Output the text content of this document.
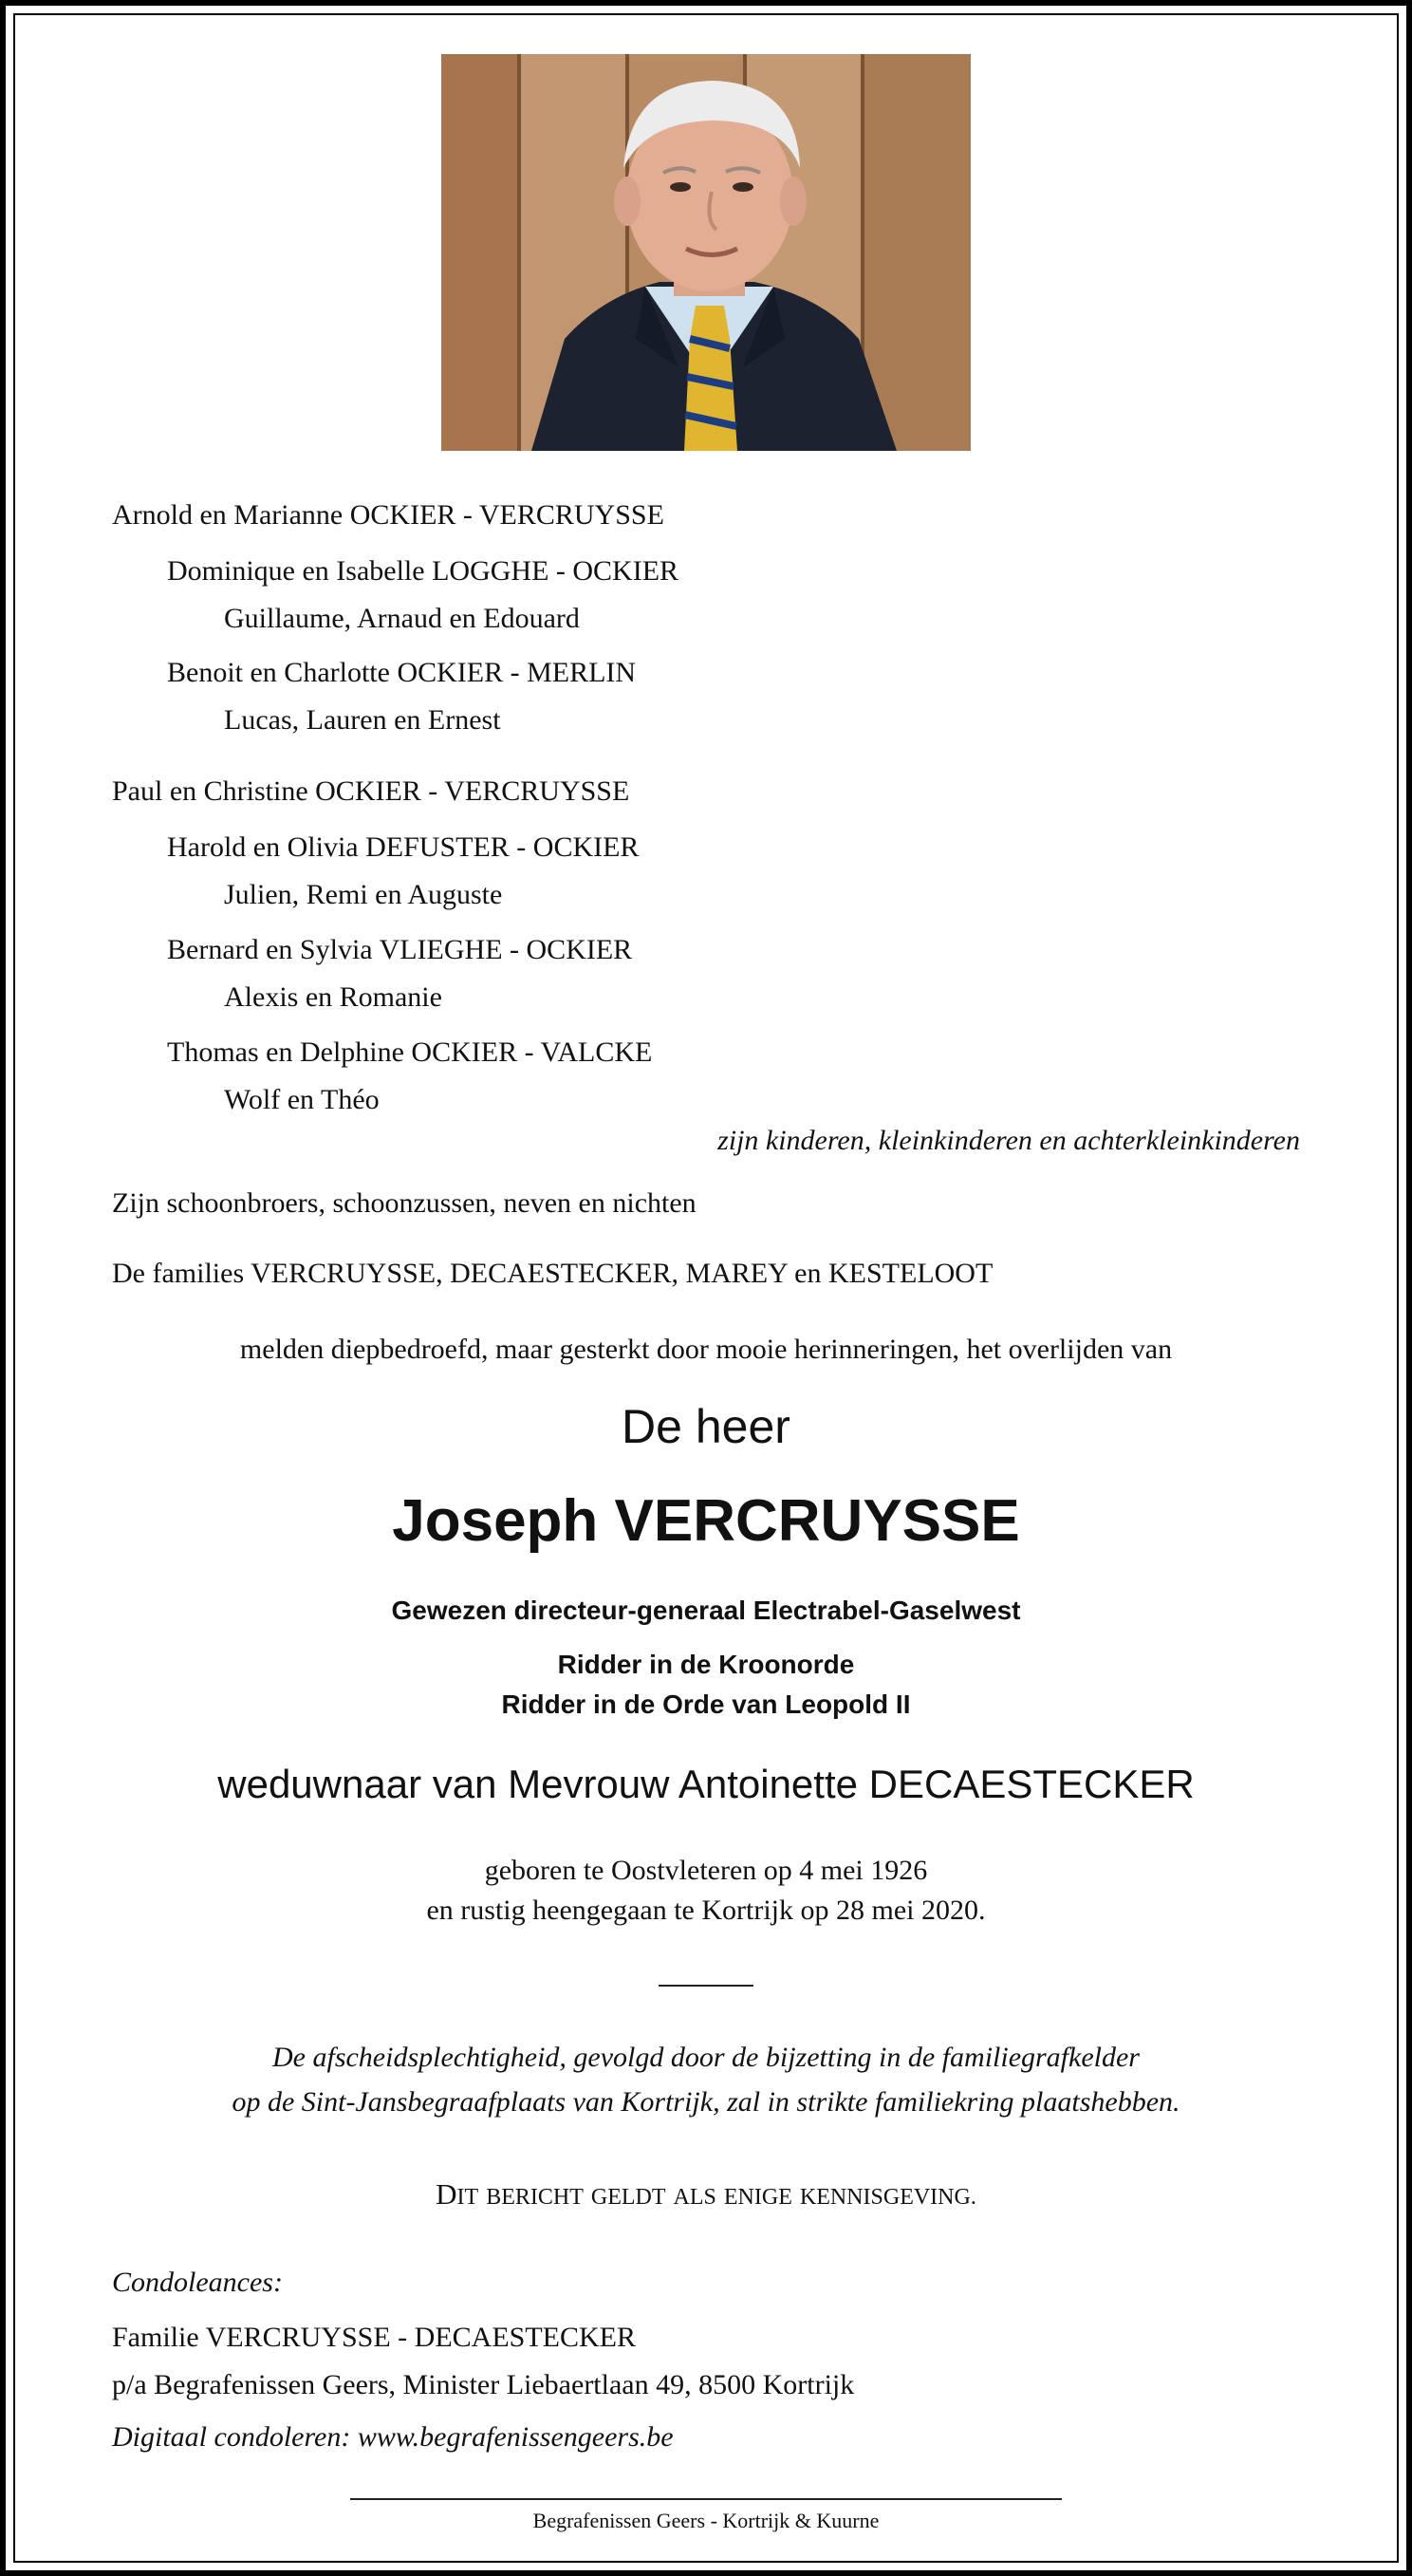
Arnold en Marianne OCKIER - VERCRUYSSE
Dominique en Isabelle LOGGHE - OCKIER
Guillaume, Arnaud en Edouard
Benoit en Charlotte OCKIER - MERLIN
Lucas, Lauren en Ernest
Paul en Christine OCKIER - VERCRUYSSE
Harold en Olivia DEFUSTER - OCKIER
Julien, Remi en Auguste
Bernard en Sylvia VLIEGHE - OCKIER
Alexis en Romanie
Thomas en Delphine OCKIER - VALCKE
Wolf en Théo
zijn kinderen, kleinkinderen en achterkleinkinderen
Zijn schoonbroers, schoonzussen, neven en nichten
De families VERCRUYSSE, DECAESTECKER, MAREY en KESTELOOT
melden diepbedroefd, maar gesterkt door mooie herinneringen, het overlijden van
De heer
Joseph VERCRUYSSE
Gewezen directeur-generaal Electrabel-Gaselwest
Ridder in de Kroonorde
Ridder in de Orde van Leopold II
weduwnaar van Mevrouw Antoinette DECAESTECKER
geboren te Oostvleteren op 4 mei 1926
en rustig heengegaan te Kortrijk op 28 mei 2020.
De afscheidsplechtigheid, gevolgd door de bijzetting in de familiegrafkelder
op de Sint-Jansbegraafplaats van Kortrijk, zal in strikte familiekring plaatshebben.
DIT BERICHT GELDT ALS ENIGE KENNISGEVING.
Condoleances:
Familie VERCRUYSSE - DECAESTECKER
p/a Begrafenissen Geers, Minister Liebaertlaan 49, 8500 Kortrijk
Digitaal condoleren: www.begrafenissengeers.be
Begrafenissen Geers - Kortrijk & Kuurne
